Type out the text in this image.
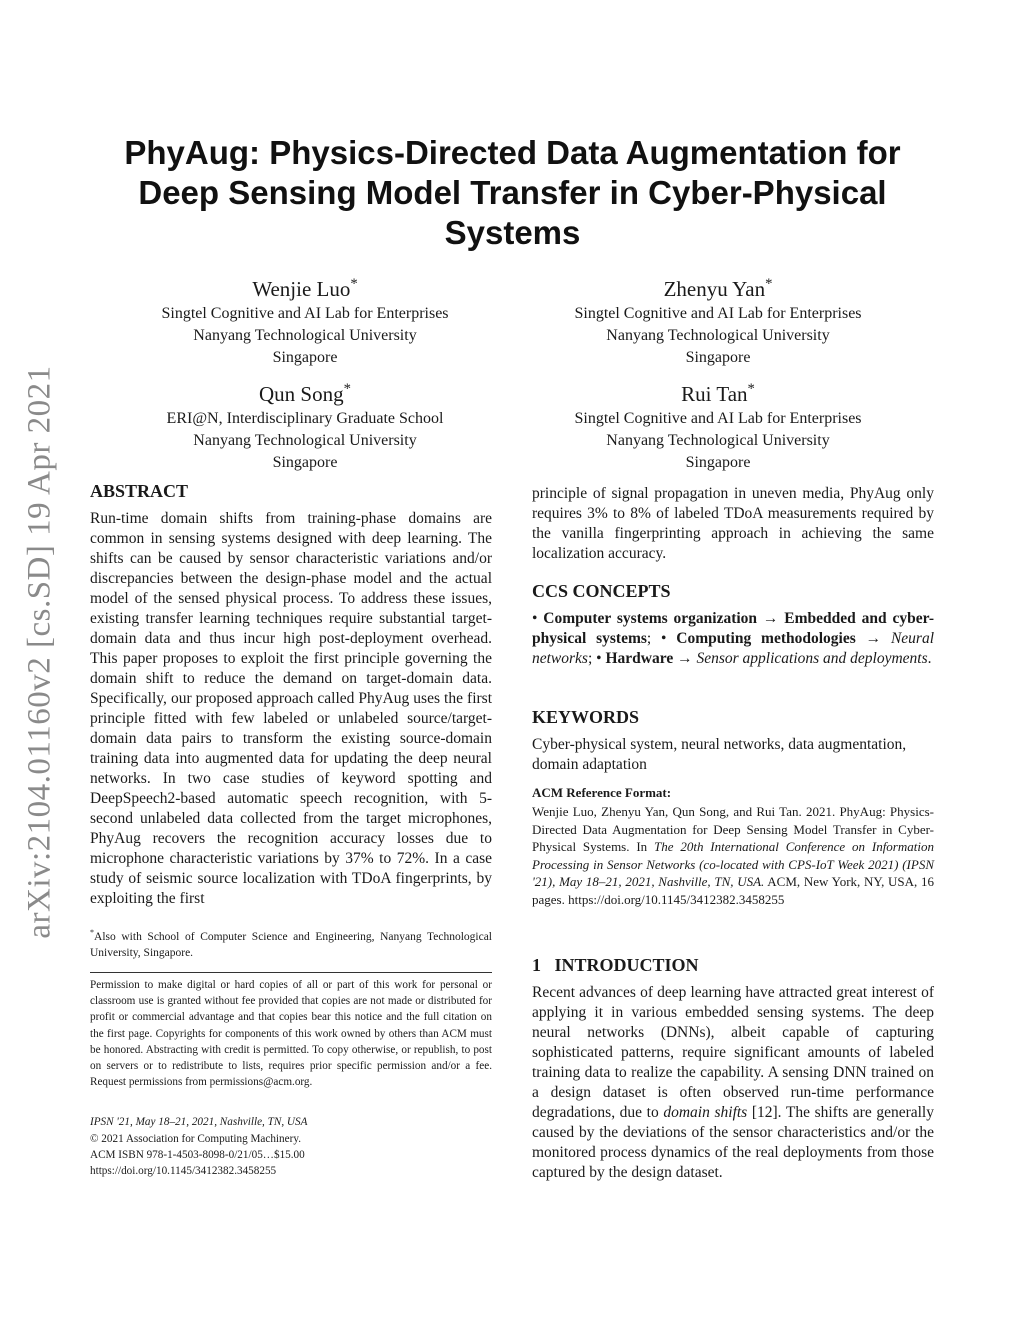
arXiv:2104.01160v2 [cs.SD] 19 Apr 2021
PhyAug: Physics-Directed Data Augmentation for Deep Sensing Model Transfer in Cyber-Physical Systems
Wenjie Luo*
Singtel Cognitive and AI Lab for Enterprises
Nanyang Technological University
Singapore
Zhenyu Yan*
Singtel Cognitive and AI Lab for Enterprises
Nanyang Technological University
Singapore
Qun Song*
ERI@N, Interdisciplinary Graduate School
Nanyang Technological University
Singapore
Rui Tan*
Singtel Cognitive and AI Lab for Enterprises
Nanyang Technological University
Singapore
ABSTRACT
Run-time domain shifts from training-phase domains are common in sensing systems designed with deep learning. The shifts can be caused by sensor characteristic variations and/or discrepancies between the design-phase model and the actual model of the sensed physical process. To address these issues, existing transfer learning techniques require substantial target-domain data and thus incur high post-deployment overhead. This paper proposes to exploit the first principle governing the domain shift to reduce the demand on target-domain data. Specifically, our proposed approach called PhyAug uses the first principle fitted with few labeled or unlabeled source/target-domain data pairs to transform the existing source-domain training data into augmented data for updating the deep neural networks. In two case studies of keyword spotting and DeepSpeech2-based automatic speech recognition, with 5-second unlabeled data collected from the target microphones, PhyAug recovers the recognition accuracy losses due to microphone characteristic variations by 37% to 72%. In a case study of seismic source localization with TDoA fingerprints, by exploiting the first
*Also with School of Computer Science and Engineering, Nanyang Technological University, Singapore.
Permission to make digital or hard copies of all or part of this work for personal or classroom use is granted without fee provided that copies are not made or distributed for profit or commercial advantage and that copies bear this notice and the full citation on the first page. Copyrights for components of this work owned by others than ACM must be honored. Abstracting with credit is permitted. To copy otherwise, or republish, to post on servers or to redistribute to lists, requires prior specific permission and/or a fee. Request permissions from permissions@acm.org.
IPSN '21, May 18–21, 2021, Nashville, TN, USA
© 2021 Association for Computing Machinery.
ACM ISBN 978-1-4503-8098-0/21/05…$15.00
https://doi.org/10.1145/3412382.3458255
principle of signal propagation in uneven media, PhyAug only requires 3% to 8% of labeled TDoA measurements required by the vanilla fingerprinting approach in achieving the same localization accuracy.
CCS CONCEPTS
• Computer systems organization → Embedded and cyber-physical systems; • Computing methodologies → Neural networks; • Hardware → Sensor applications and deployments.
KEYWORDS
Cyber-physical system, neural networks, data augmentation, domain adaptation
ACM Reference Format:
Wenjie Luo, Zhenyu Yan, Qun Song, and Rui Tan. 2021. PhyAug: Physics-Directed Data Augmentation for Deep Sensing Model Transfer in Cyber-Physical Systems. In The 20th International Conference on Information Processing in Sensor Networks (co-located with CPS-IoT Week 2021) (IPSN '21), May 18–21, 2021, Nashville, TN, USA. ACM, New York, NY, USA, 16 pages. https://doi.org/10.1145/3412382.3458255
1 INTRODUCTION
Recent advances of deep learning have attracted great interest of applying it in various embedded sensing systems. The deep neural networks (DNNs), albeit capable of capturing sophisticated patterns, require significant amounts of labeled training data to realize the capability. A sensing DNN trained on a design dataset is often observed run-time performance degradations, due to domain shifts [12]. The shifts are generally caused by the deviations of the sensor characteristics and/or the monitored process dynamics of the real deployments from those captured by the design dataset.
